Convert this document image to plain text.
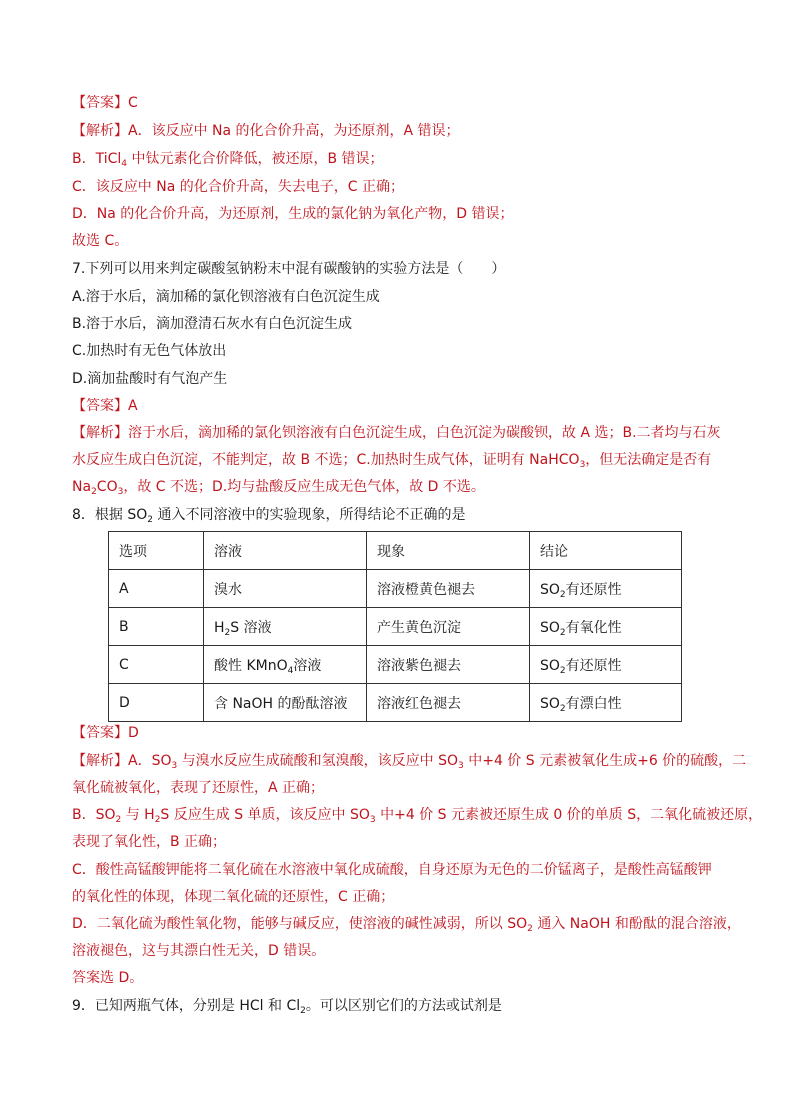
【答案】C
【解析】A．该反应中 Na 的化合价升高，为还原剂，A 错误；
B．TiCl$_4$ 中钛元素化合价降低，被还原，B 错误；
C．该反应中 Na 的化合价升高，失去电子，C 正确；
D．Na 的化合价升高，为还原剂，生成的氯化钠为氧化产物，D 错误；
故选 C。
7.下列可以用来判定碳酸氢钠粉末中混有碳酸钠的实验方法是（　　）
A.溶于水后，滴加稀的氯化钡溶液有白色沉淀生成
B.溶于水后，滴加澄清石灰水有白色沉淀生成
C.加热时有无色气体放出
D.滴加盐酸时有气泡产生
【答案】A
【解析】溶于水后，滴加稀的氯化钡溶液有白色沉淀生成，白色沉淀为碳酸钡，故 A 选；B.二者均与石灰
水反应生成白色沉淀，不能判定，故 B 不选；C.加热时生成气体，证明有 NaHCO$_3$，但无法确定是否有
$Na_2CO_3$，故 C 不选；D.均与盐酸反应生成无色气体，故 D 不选。
8．根据 $SO_2$ 通入不同溶液中的实验现象，所得结论不正确的是
选项	溶液	现象	结论
A	溴水	溶液橙黄色褪去	$SO_2$有还原性
B	$H_2S$ 溶液	产生黄色沉淀	$SO_2$有氧化性
C	酸性 KMnO$_4$溶液	溶液紫色褪去	$SO_2$有还原性
D	含 NaOH 的酚酞溶液	溶液红色褪去	$SO_2$有漂白性
【答案】D
【解析】A．$SO_3$ 与溴水反应生成硫酸和氢溴酸，该反应中 $SO_3$ 中+4 价 S 元素被氧化生成+6 价的硫酸，二
氧化硫被氧化，表现了还原性，A 正确；
B．$SO_2$ 与 $H_2S$ 反应生成 S 单质，该反应中 $SO_3$ 中+4 价 S 元素被还原生成 0 价的单质 S，二氧化硫被还原，
表现了氧化性，B 正确；
C．酸性高锰酸钾能将二氧化硫在水溶液中氧化成硫酸，自身还原为无色的二价锰离子，是酸性高锰酸钾
的氧化性的体现，体现二氧化硫的还原性，C 正确；
D．二氧化硫为酸性氧化物，能够与碱反应，使溶液的碱性减弱，所以 $SO_2$ 通入 NaOH 和酚酞的混合溶液，
溶液褪色，这与其漂白性无关，D 错误。
答案选 D。
9．已知两瓶气体，分别是 HCl 和 $Cl_2$。可以区别它们的方法或试剂是
